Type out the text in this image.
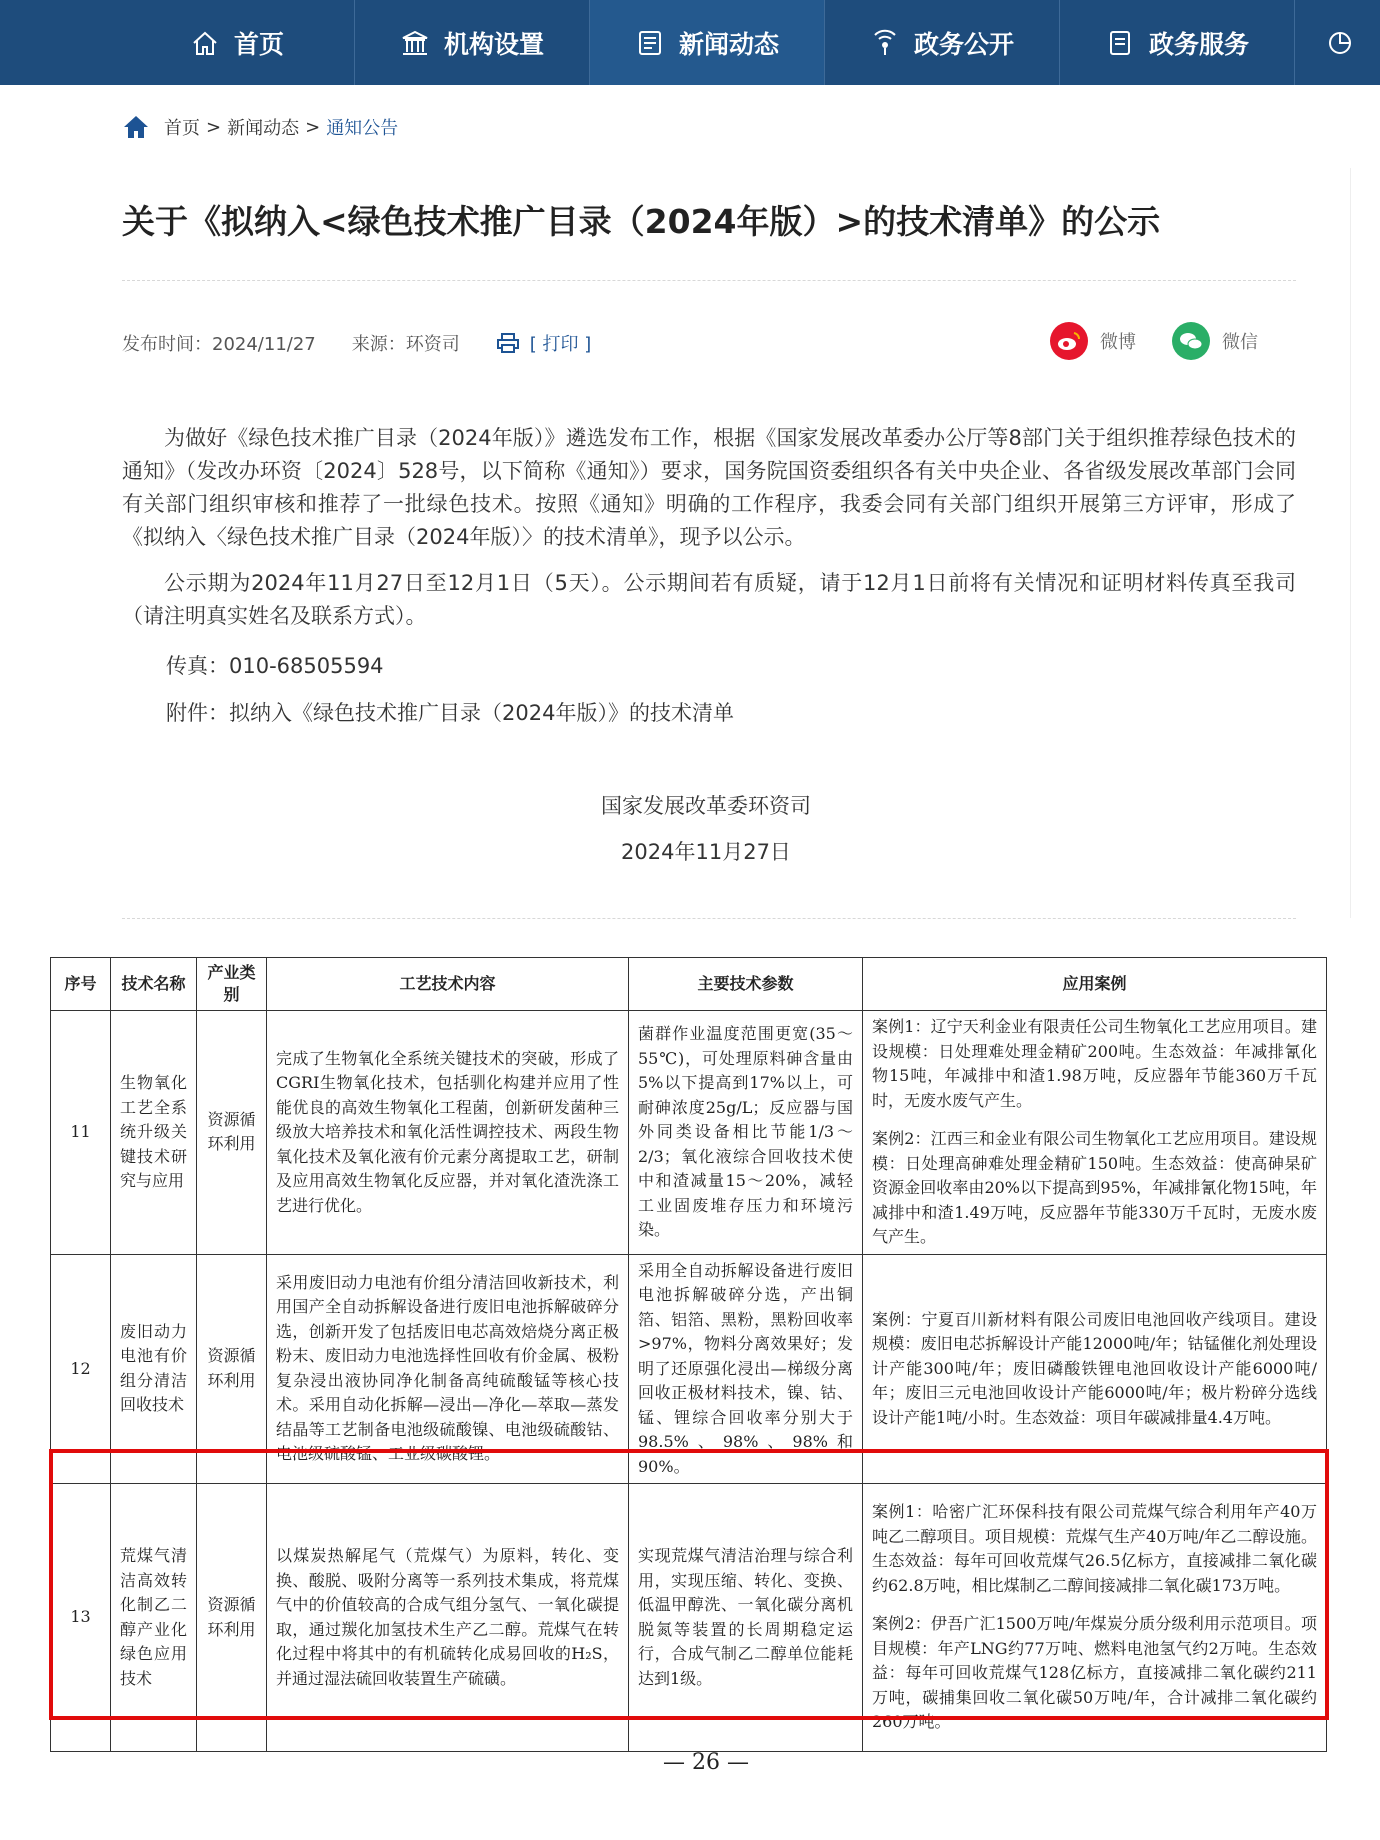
首页	机构设置	新闻动态	政务公开	政务服务
首页 > 新闻动态 > 通知公告
关于《拟纳入<绿色技术推广目录（2024年版）>的技术清单》的公示
发布时间：2024/11/27 来源：环资司	[ 打印 ]	微博	微信
为做好《绿色技术推广目录（2024年版）》遴选发布工作，根据《国家发展改革委办公厅等8部门关于组织推荐绿色技术的通知》（发改办环资〔2024〕528号，以下简称《通知》）要求，国务院国资委组织各有关中央企业、各省级发展改革部门会同有关部门组织审核和推荐了一批绿色技术。按照《通知》明确的工作程序，我委会同有关部门组织开展第三方评审，形成了《拟纳入〈绿色技术推广目录（2024年版）〉的技术清单》，现予以公示。
公示期为2024年11月27日至12月1日（5天）。公示期间若有质疑，请于12月1日前将有关情况和证明材料传真至我司（请注明真实姓名及联系方式）。
传真：010-68505594
附件：拟纳入《绿色技术推广目录（2024年版）》的技术清单
国家发展改革委环资司
2024年11月27日
序号	技术名称	产业类别	工艺技术内容	主要技术参数	应用案例
11	生物氧化工艺全系统升级关键技术研究与应用	资源循环利用	完成了生物氧化全系统关键技术的突破，形成了CGRI生物氧化技术，包括驯化构建并应用了性能优良的高效生物氧化工程菌，创新研发菌种三级放大培养技术和氧化活性调控技术、两段生物氧化技术及氧化液有价元素分离提取工艺，研制及应用高效生物氧化反应器，并对氧化渣洗涤工艺进行优化。	菌群作业温度范围更宽(35～55℃)，可处理原料砷含量由5%以下提高到17%以上，可耐砷浓度25g/L；反应器与国外同类设备相比节能1/3～2/3；氧化液综合回收技术使中和渣减量15～20%，减轻工业固废堆存压力和环境污染。	案例1：辽宁天利金业有限责任公司生物氧化工艺应用项目。建设规模：日处理难处理金精矿200吨。生态效益：年减排氰化物15吨，年减排中和渣1.98万吨，反应器年节能360万千瓦时，无废水废气产生。
案例2：江西三和金业有限公司生物氧化工艺应用项目。建设规模：日处理高砷难处理金精矿150吨。生态效益：使高砷杲矿资源金回收率由20%以下提高到95%，年减排氰化物15吨，年减排中和渣1.49万吨，反应器年节能330万千瓦时，无废水废气产生。

12	废旧动力电池有价组分清洁回收技术	资源循环利用	采用废旧动力电池有价组分清洁回收新技术，利用国产全自动拆解设备进行废旧电池拆解破碎分选，创新开发了包括废旧电芯高效焙烧分离正极粉末、废旧动力电池选择性回收有价金属、极粉复杂浸出液协同净化制备高纯硫酸锰等核心技术。采用自动化拆解—浸出—净化—萃取—蒸发结晶等工艺制备电池级硫酸镍、电池级硫酸钴、电池级硫酸锰、工业级碳酸锂。	采用全自动拆解设备进行废旧电池拆解破碎分选，产出铜箔、铝箔、黑粉，黑粉回收率>97%，物料分离效果好；发明了还原强化浸出—梯级分离回收正极材料技术，镍、钴、锰、锂综合回收率分别大于98.5%、98%、98%和90%。	案例：宁夏百川新材料有限公司废旧电池回收产线项目。建设规模：废旧电芯拆解设计产能12000吨/年；钴锰催化剂处理设计产能300吨/年；废旧磷酸铁锂电池回收设计产能6000吨/年；废旧三元电池回收设计产能6000吨/年；极片粉碎分选线设计产能1吨/小时。生态效益：项目年碳减排量4.4万吨。

13	荒煤气清洁高效转化制乙二醇产业化绿色应用技术	资源循环利用	以煤炭热解尾气（荒煤气）为原料，转化、变换、酸脱、吸附分离等一系列技术集成，将荒煤气中的价值较高的合成气组分氢气、一氧化碳提取，通过羰化加氢技术生产乙二醇。荒煤气在转化过程中将其中的有机硫转化成易回收的H₂S，并通过湿法硫回收装置生产硫磺。	实现荒煤气清洁治理与综合利用，实现压缩、转化、变换、低温甲醇洗、一氧化碳分离机脱氮等装置的长周期稳定运行，合成气制乙二醇单位能耗达到1级。	案例1：哈密广汇环保科技有限公司荒煤气综合利用年产40万吨乙二醇项目。项目规模：荒煤气生产40万吨/年乙二醇设施。生态效益：每年可回收荒煤气26.5亿标方，直接减排二氧化碳约62.8万吨，相比煤制乙二醇间接减排二氧化碳173万吨。
案例2：伊吾广汇1500万吨/年煤炭分质分级利用示范项目。项目规模：年产LNG约77万吨、燃料电池氢气约2万吨。生态效益：每年可回收荒煤气128亿标方，直接减排二氧化碳约211万吨，碳捕集回收二氧化碳50万吨/年，合计减排二氧化碳约260万吨。
— 26 —
